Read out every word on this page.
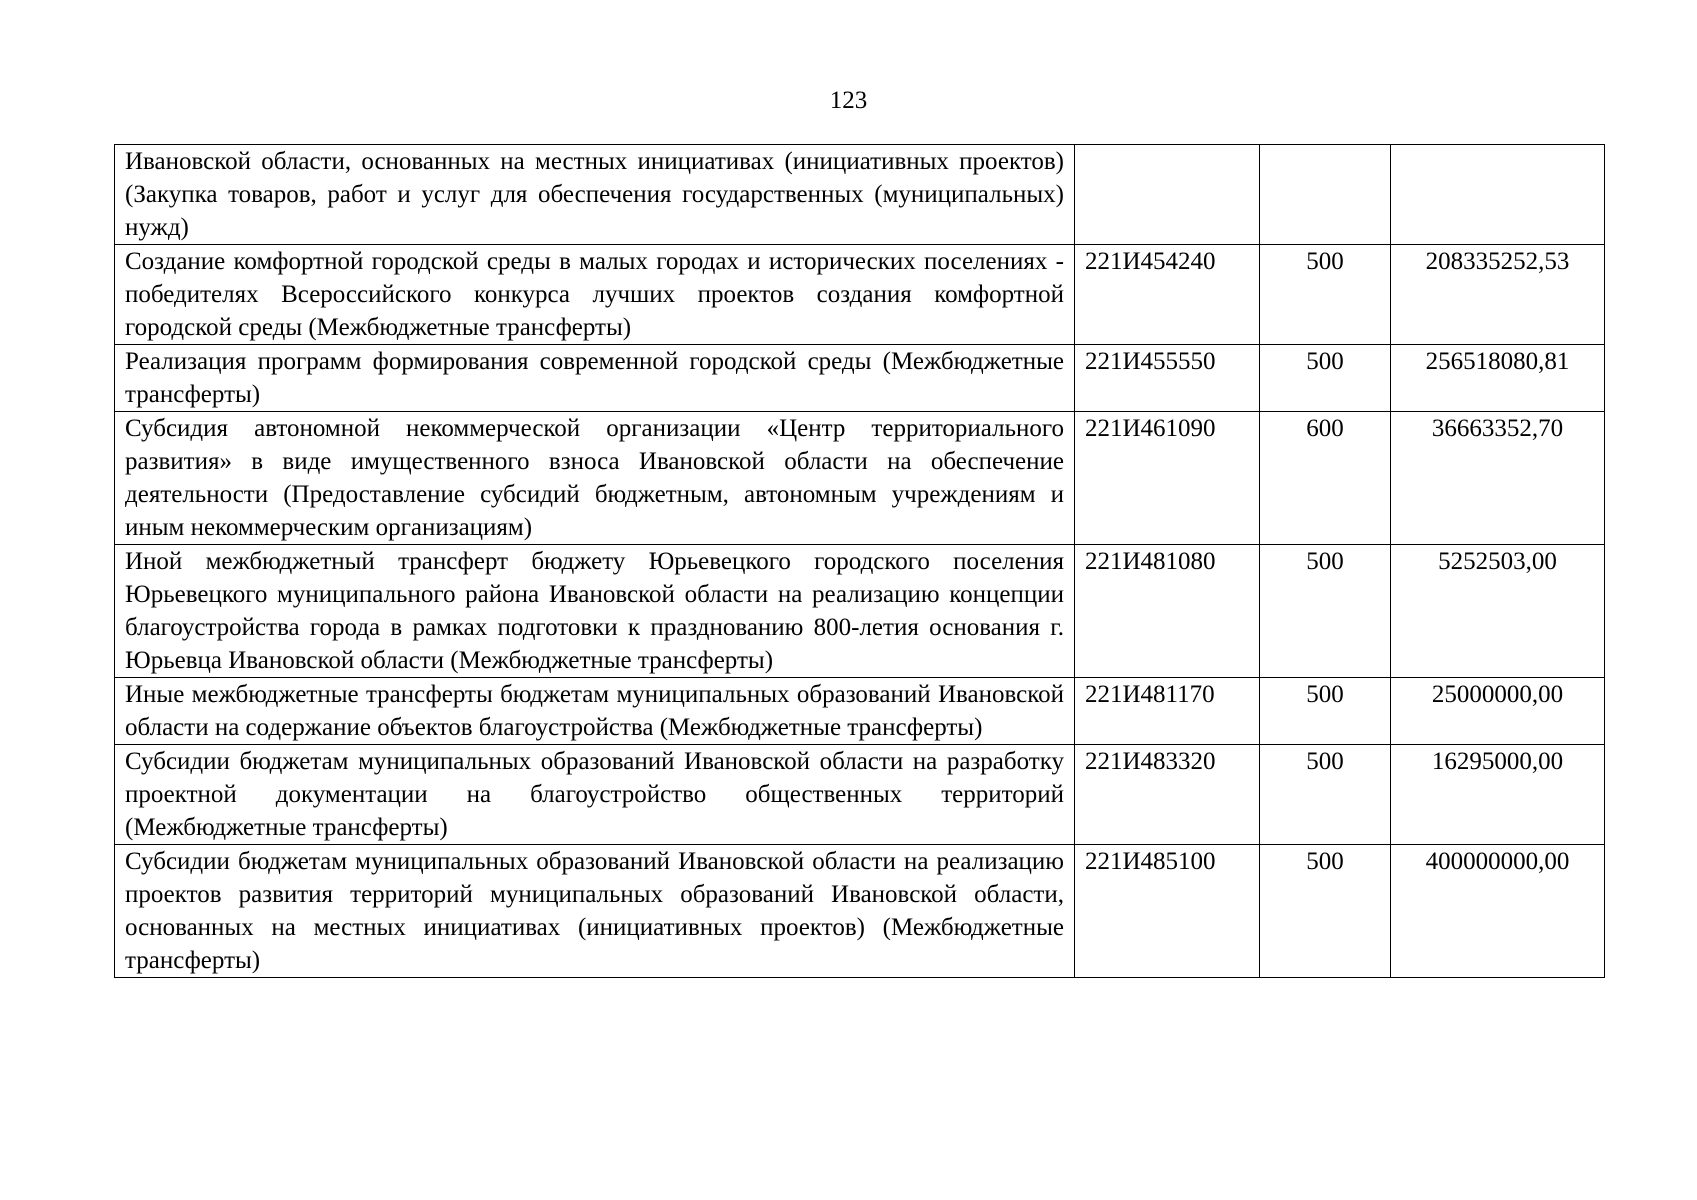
123
Ивановской области, основанных на местных инициативах (инициативных проектов) (Закупка товаров, работ и услуг для обеспечения государственных (муниципальных) нужд)			
Создание комфортной городской среды в малых городах и исторических поселениях - победителях Всероссийского конкурса лучших проектов создания комфортной городской среды (Межбюджетные трансферты)	221И454240	500	208335252,53
Реализация программ формирования современной городской среды (Межбюджетные трансферты)	221И455550	500	256518080,81
Субсидия автономной некоммерческой организации «Центр территориального развития» в виде имущественного взноса Ивановской области на обеспечение деятельности (Предоставление субсидий бюджетным, автономным учреждениям и иным некоммерческим организациям)	221И461090	600	36663352,70
Иной межбюджетный трансферт бюджету Юрьевецкого городского поселения Юрьевецкого муниципального района Ивановской области на реализацию концепции благоустройства города в рамках подготовки к празднованию 800-летия основания г. Юрьевца Ивановской области (Межбюджетные трансферты)	221И481080	500	5252503,00
Иные межбюджетные трансферты бюджетам муниципальных образований Ивановской области на содержание объектов благоустройства (Межбюджетные трансферты)	221И481170	500	25000000,00
Субсидии бюджетам муниципальных образований Ивановской области на разработку проектной документации на благоустройство общественных территорий (Межбюджетные трансферты)	221И483320	500	16295000,00
Субсидии бюджетам муниципальных образований Ивановской области на реализацию проектов развития территорий муниципальных образований Ивановской области, основанных на местных инициативах (инициативных проектов) (Межбюджетные трансферты)	221И485100	500	400000000,00
